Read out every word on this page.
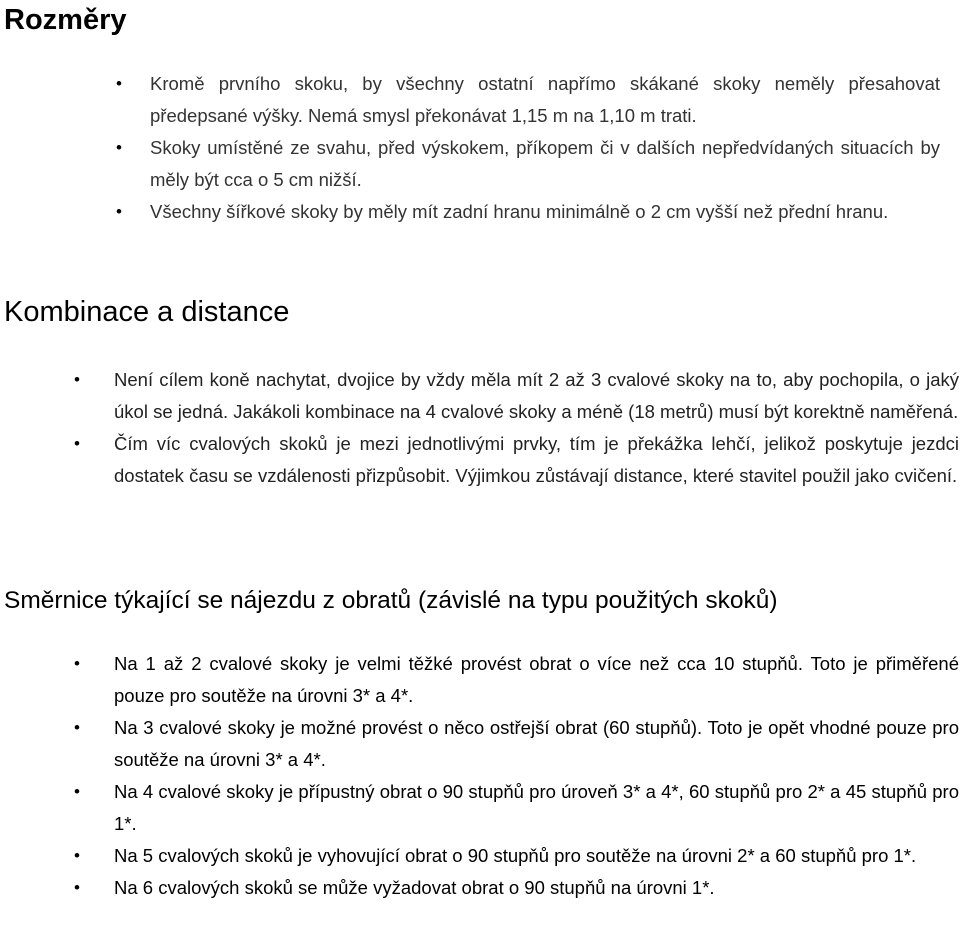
Rozměry
• Kromě prvního skoku, by všechny ostatní napřímo skákané skoky neměly přesahovat předepsané výšky. Nemá smysl překonávat 1,15 m na 1,10 m trati.
• Skoky umístěné ze svahu, před výskokem, příkopem či v dalších nepředvídaných situacích by měly být cca o 5 cm nižší.
• Všechny šířkové skoky by měly mít zadní hranu minimálně o 2 cm vyšší než přední hranu.
Kombinace a distance
• Není cílem koně nachytat, dvojice by vždy měla mít 2 až 3 cvalové skoky na to, aby pochopila, o jaký úkol se jedná. Jakákoli kombinace na 4 cvalové skoky a méně (18 metrů) musí být korektně naměřená.
• Čím víc cvalových skoků je mezi jednotlivými prvky, tím je překážka lehčí, jelikož poskytuje jezdci dostatek času se vzdálenosti přizpůsobit. Výjimkou zůstávají distance, které stavitel použil jako cvičení.
Směrnice týkající se nájezdu z obratů (závislé na typu použitých skoků)
• Na 1 až 2 cvalové skoky je velmi těžké provést obrat o více než cca 10 stupňů. Toto je přiměřené pouze pro soutěže na úrovni 3* a 4*.
• Na 3 cvalové skoky je možné provést o něco ostřejší obrat (60 stupňů). Toto je opět vhodné pouze pro soutěže na úrovni 3* a 4*.
• Na 4 cvalové skoky je přípustný obrat o 90 stupňů pro úroveň 3* a 4*, 60 stupňů pro 2* a 45 stupňů pro 1*.
• Na 5 cvalových skoků je vyhovující obrat o 90 stupňů pro soutěže na úrovni 2* a 60 stupňů pro 1*.
• Na 6 cvalových skoků se může vyžadovat obrat o 90 stupňů na úrovni 1*.
